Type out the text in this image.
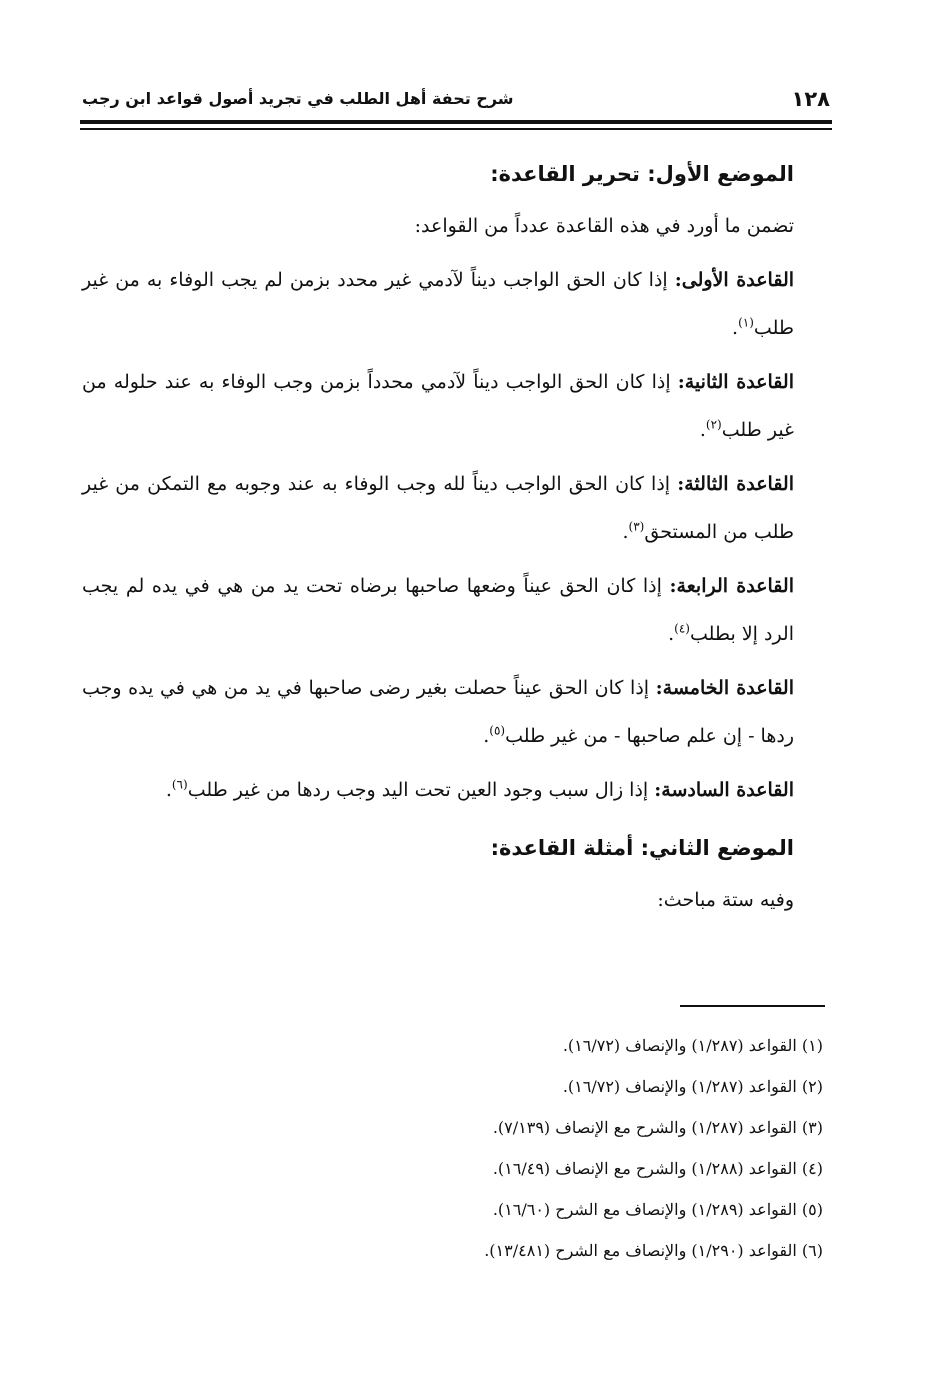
١٢٨
شرح تحفة أهل الطلب في تجريد أصول قواعد ابن رجب
الموضع الأول: تحرير القاعدة:

تضمن ما أورد في هذه القاعدة عدداً من القواعد:

القاعدة الأولى: إذا كان الحق الواجب ديناً لآدمي غير محدد بزمن لم يجب الوفاء به من غير طلب$^{(١)}$.

القاعدة الثانية: إذا كان الحق الواجب ديناً لآدمي محدداً بزمن وجب الوفاء به عند حلوله من غير طلب$^{(٢)}$.

القاعدة الثالثة: إذا كان الحق الواجب ديناً لله وجب الوفاء به عند وجوبه مع التمكن من غير طلب من المستحق$^{(٣)}$.

القاعدة الرابعة: إذا كان الحق عيناً وضعها صاحبها برضاه تحت يد من هي في يده لم يجب الرد إلا بطلب$^{(٤)}$.

القاعدة الخامسة: إذا كان الحق عيناً حصلت بغير رضى صاحبها في يد من هي في يده وجب ردها - إن علم صاحبها - من غير طلب$^{(٥)}$.

القاعدة السادسة: إذا زال سبب وجود العين تحت اليد وجب ردها من غير طلب$^{(٦)}$.

الموضع الثاني: أمثلة القاعدة:

وفيه ستة مباحث:

(١) القواعد (١/٢٨٧) والإنصاف (١٦/٧٢).

(٢) القواعد (١/٢٨٧) والإنصاف (١٦/٧٢).

(٣) القواعد (١/٢٨٧) والشرح مع الإنصاف (٧/١٣٩).

(٤) القواعد (١/٢٨٨) والشرح مع الإنصاف (١٦/٤٩).

(٥) القواعد (١/٢٨٩) والإنصاف مع الشرح (١٦/٦٠).

(٦) القواعد (١/٢٩٠) والإنصاف مع الشرح (١٣/٤٨١).
